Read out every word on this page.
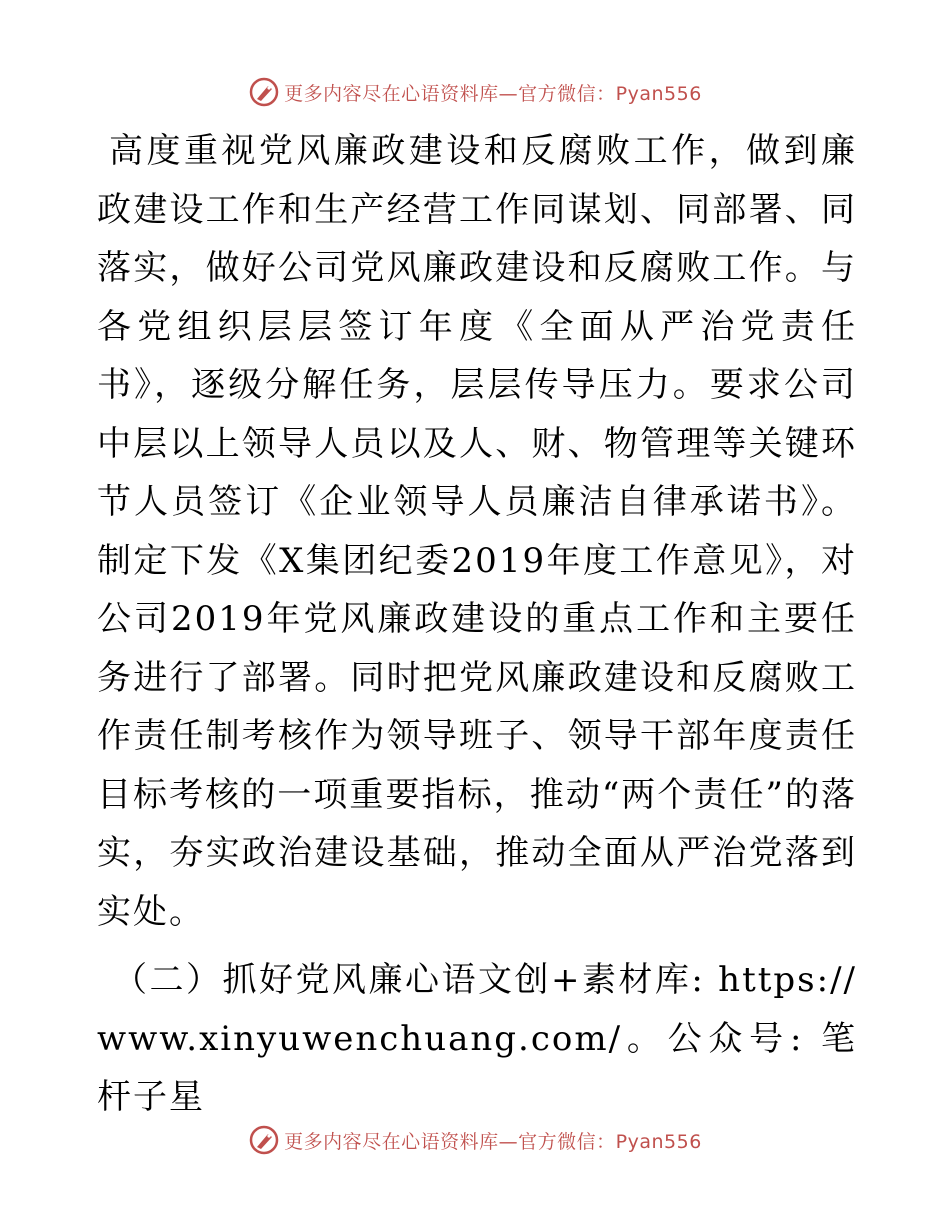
更多内容尽在心语资料库—官方微信：Pyan556

高度重视党风廉政建设和反腐败工作，做到廉政建设工作和生产经营工作同谋划、同部署、同落实，做好公司党风廉政建设和反腐败工作。与各党组织层层签订年度《全面从严治党责任书》，逐级分解任务，层层传导压力。要求公司中层以上领导人员以及人、财、物管理等关键环节人员签订《企业领导人员廉洁自律承诺书》。制定下发《X集团纪委2019年度工作意见》，对公司2019年党风廉政建设的重点工作和主要任务进行了部署。同时把党风廉政建设和反腐败工作责任制考核作为领导班子、领导干部年度责任目标考核的一项重要指标，推动“两个责任”的落实，夯实政治建设基础，推动全面从严治党落到实处。

（二）抓好党风廉心语文创+素材库: https:// www.xinyuwenchuang.com/。公众号: 笔杆子星

更多内容尽在心语资料库—官方微信：Pyan556
